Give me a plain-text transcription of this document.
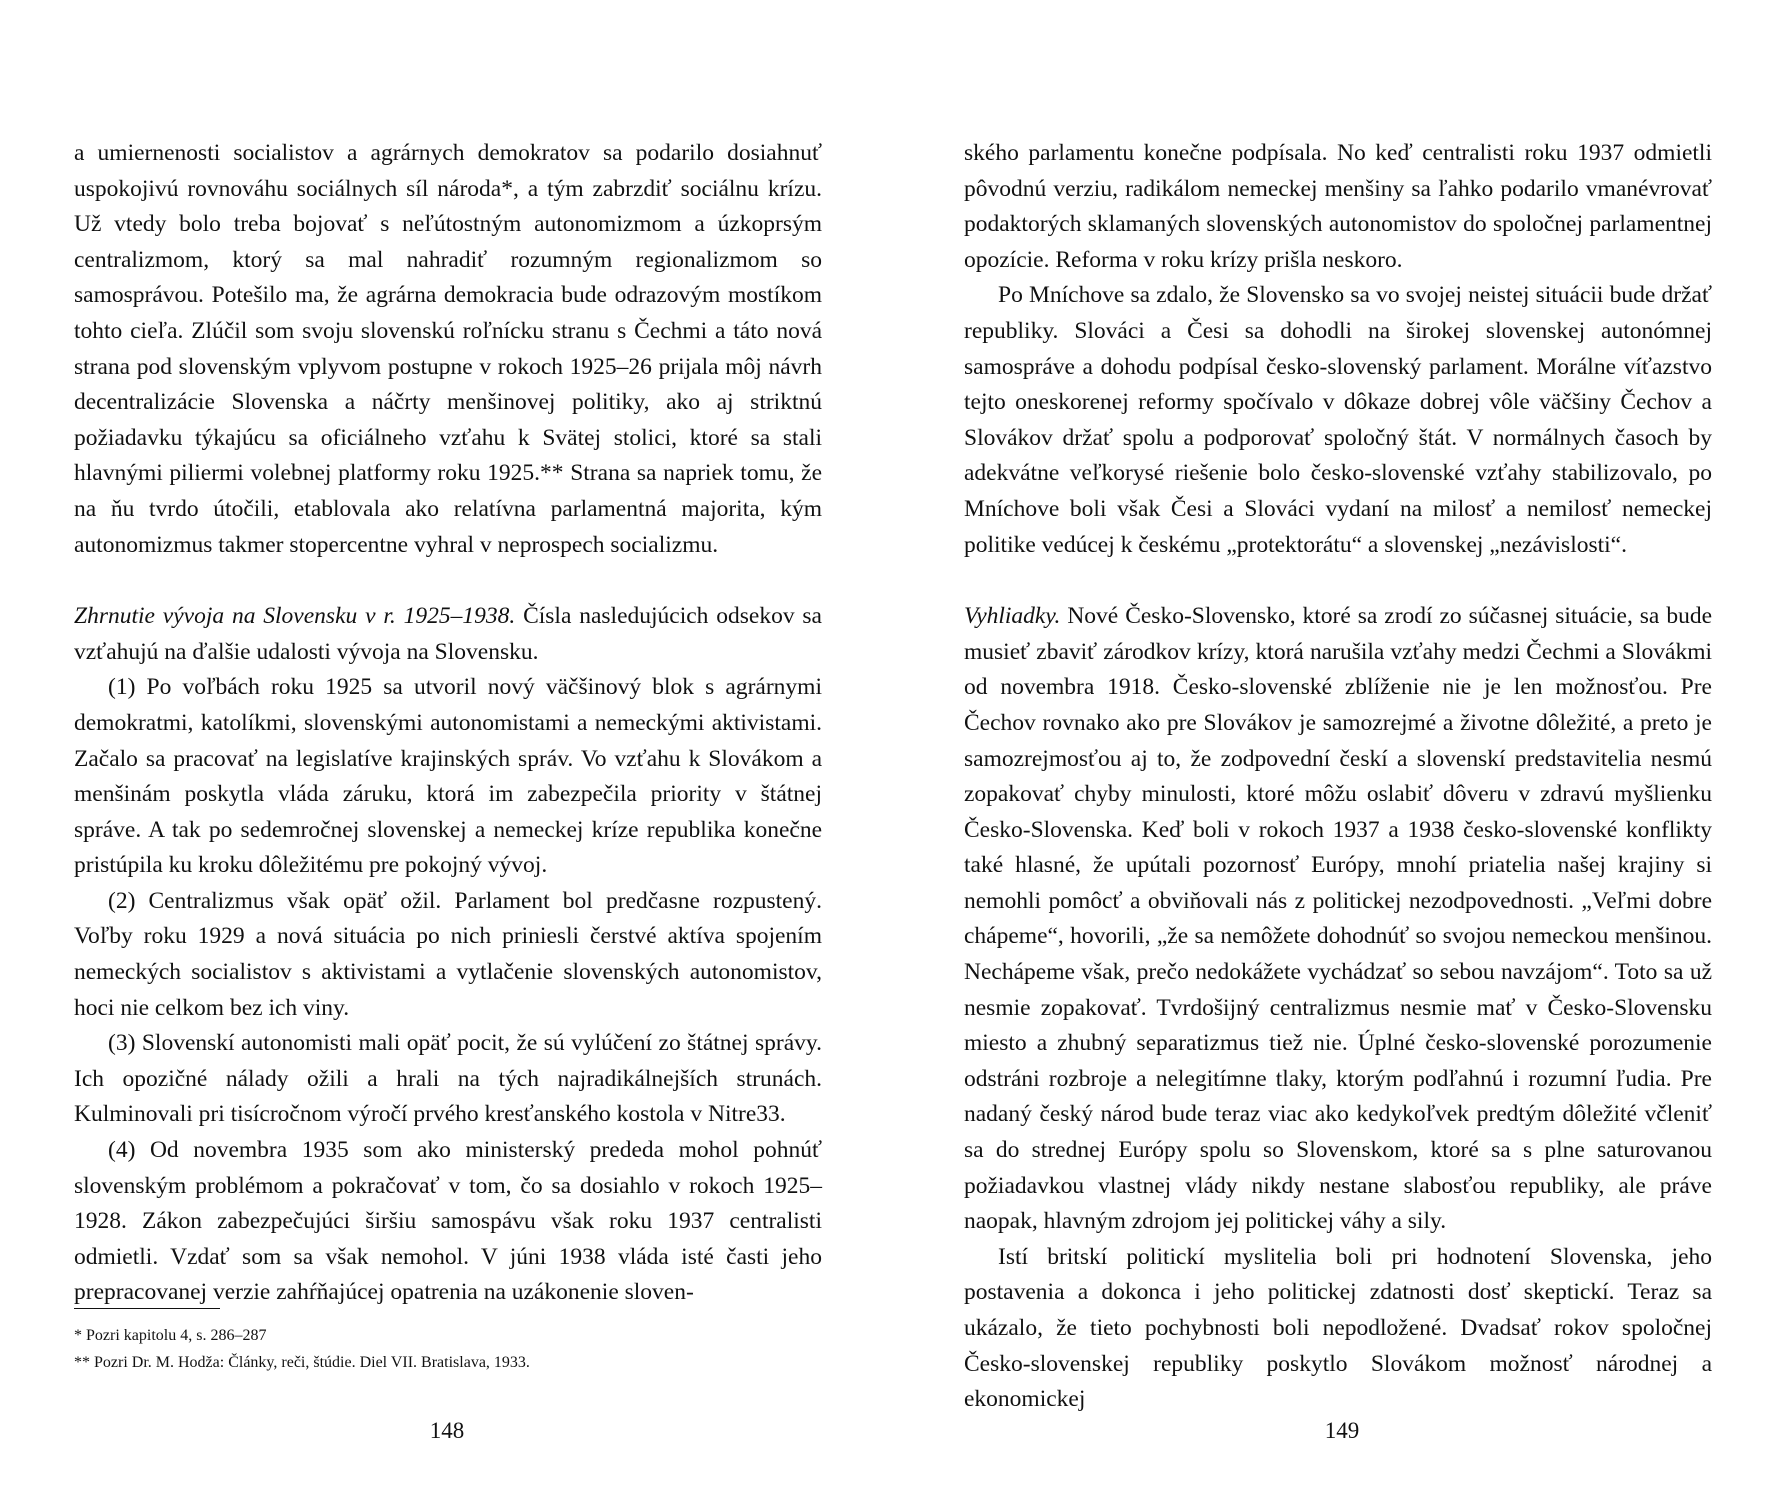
a umiernenosti socialistov a agrárnych demokratov sa podarilo dosiahnuť uspokojivú rovnováhu sociálnych síl národa*, a tým zabrzdiť sociálnu krízu. Už vtedy bolo treba bojovať s neľútostným autonomizmom a úzkoprsým centralizmom, ktorý sa mal nahradiť rozumným regionalizmom so samosprávou. Potešilo ma, že agrárna demokracia bude odrazovým mostíkom tohto cieľa. Zlúčil som svoju slovenskú roľnícku stranu s Čechmi a táto nová strana pod slovenským vplyvom postupne v rokoch 1925–26 prijala môj návrh decentralizácie Slovenska a náčrty menšinovej politiky, ako aj striktnú požiadavku týkajúcu sa oficiálneho vzťahu k Svätej stolici, ktoré sa stali hlavnými piliermi volebnej platformy roku 1925.** Strana sa napriek tomu, že na ňu tvrdo útočili, etablovala ako relatívna parlamentná majorita, kým autonomizmus takmer stopercentne vyhral v neprospech socializmu.

Zhrnutie vývoja na Slovensku v r. 1925–1938. Čísla nasledujúcich odsekov sa vzťahujú na ďalšie udalosti vývoja na Slovensku.

(1) Po voľbách roku 1925 sa utvoril nový väčšinový blok s agrárnymi demokratmi, katolíkmi, slovenskými autonomistami a nemeckými aktivistami. Začalo sa pracovať na legislatíve krajinských správ. Vo vzťahu k Slovákom a menšinám poskytla vláda záruku, ktorá im zabezpečila priority v štátnej správe. A tak po sedemročnej slovenskej a nemeckej kríze republika konečne pristúpila ku kroku dôležitému pre pokojný vývoj.

(2) Centralizmus však opäť ožil. Parlament bol predčasne rozpustený. Voľby roku 1929 a nová situácia po nich priniesli čerstvé aktíva spojením nemeckých socialistov s aktivistami a vytlačenie slovenských autonomistov, hoci nie celkom bez ich viny.

(3) Slovenskí autonomisti mali opäť pocit, že sú vylúčení zo štátnej správy. Ich opozičné nálady ožili a hrali na tých najradikálnejších strunách. Kulminovali pri tisícročnom výročí prvého kresťanského kostola v Nitre33.

(4) Od novembra 1935 som ako ministerský prededa mohol pohnúť slovenským problémom a pokračovať v tom, čo sa dosiahlo v rokoch 1925–1928. Zákon zabezpečujúci širšiu samospávu však roku 1937 centralisti odmietli. Vzdať som sa však nemohol. V júni 1938 vláda isté časti jeho prepracovanej verzie zahŕňajúcej opatrenia na uzákonenie sloven-

* Pozri kapitolu 4, s. 286–287

** Pozri Dr. M. Hodža: Články, reči, štúdie. Diel VII. Bratislava, 1933.

ského parlamentu konečne podpísala. No keď centralisti roku 1937 odmietli pôvodnú verziu, radikálom nemeckej menšiny sa ľahko podarilo vmanévrovať podaktorých sklamaných slovenských autonomistov do spoločnej parlamentnej opozície. Reforma v roku krízy prišla neskoro.

Po Mníchove sa zdalo, že Slovensko sa vo svojej neistej situácii bude držať republiky. Slováci a Česi sa dohodli na širokej slovenskej autonómnej samospráve a dohodu podpísal česko-slovenský parlament. Morálne víťazstvo tejto oneskorenej reformy spočívalo v dôkaze dobrej vôle väčšiny Čechov a Slovákov držať spolu a podporovať spoločný štát. V normálnych časoch by adekvátne veľkorysé riešenie bolo česko-slovenské vzťahy stabilizovalo, po Mníchove boli však Česi a Slováci vydaní na milosť a nemilosť nemeckej politike vedúcej k českému „protektorátu“ a slovenskej „nezávislosti“.

Vyhliadky. Nové Česko-Slovensko, ktoré sa zrodí zo súčasnej situácie, sa bude musieť zbaviť zárodkov krízy, ktorá narušila vzťahy medzi Čechmi a Slovákmi od novembra 1918. Česko-slovenské zblíženie nie je len možnosťou. Pre Čechov rovnako ako pre Slovákov je samozrejmé a životne dôležité, a preto je samozrejmosťou aj to, že zodpovední českí a slovenskí predstavitelia nesmú zopakovať chyby minulosti, ktoré môžu oslabiť dôveru v zdravú myšlienku Česko-Slovenska. Keď boli v rokoch 1937 a 1938 česko-slovenské konflikty také hlasné, že upútali pozornosť Európy, mnohí priatelia našej krajiny si nemohli pomôcť a obviňovali nás z politickej nezodpovednosti. „Veľmi dobre chápeme“, hovorili, „že sa nemôžete dohodnúť so svojou nemeckou menšinou. Nechápeme však, prečo nedokážete vychádzať so sebou navzájom“. Toto sa už nesmie zopakovať. Tvrdošijný centralizmus nesmie mať v Česko-Slovensku miesto a zhubný separatizmus tiež nie. Úplné česko-slovenské porozumenie odstráni rozbroje a nelegitímne tlaky, ktorým podľahnú i rozumní ľudia. Pre nadaný český národ bude teraz viac ako kedykoľvek predtým dôležité včleniť sa do strednej Európy spolu so Slovenskom, ktoré sa s plne saturovanou požiadavkou vlastnej vlády nikdy nestane slabosťou republiky, ale práve naopak, hlavným zdrojom jej politickej váhy a sily.

Istí britskí politickí myslitelia boli pri hodnotení Slovenska, jeho postavenia a dokonca i jeho politickej zdatnosti dosť skeptickí. Teraz sa ukázalo, že tieto pochybnosti boli nepodložené. Dvadsať rokov spoločnej Česko-slovenskej republiky poskytlo Slovákom možnosť národnej a ekonomickej

148	149
